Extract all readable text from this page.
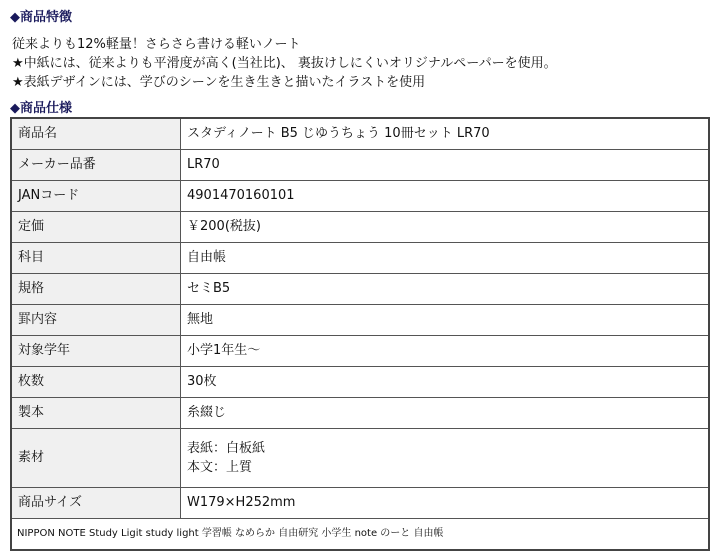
◆商品特徴
従来よりも12%軽量！さらさら書ける軽いノート
★中紙には、従来よりも平滑度が高く(当社比)、 裏抜けしにくいオリジナルペーパーを使用。
★表紙デザインには、学びのシーンを生き生きと描いたイラストを使用
◆商品仕様
商品名	スタディノート B5 じゆうちょう 10冊セット LR70
メーカー品番	LR70
JANコード	4901470160101
定価	￥200(税抜)
科目	自由帳
規格	セミB5
罫内容	無地
対象学年	小学1年生〜
枚数	30枚
製本	糸綴じ
素材	表紙：白板紙
本文：上質

商品サイズ	W179×H252mm
NIPPON NOTE Study Ligit study light 学習帳 なめらか 自由研究 小学生 note のーと 自由帳	
